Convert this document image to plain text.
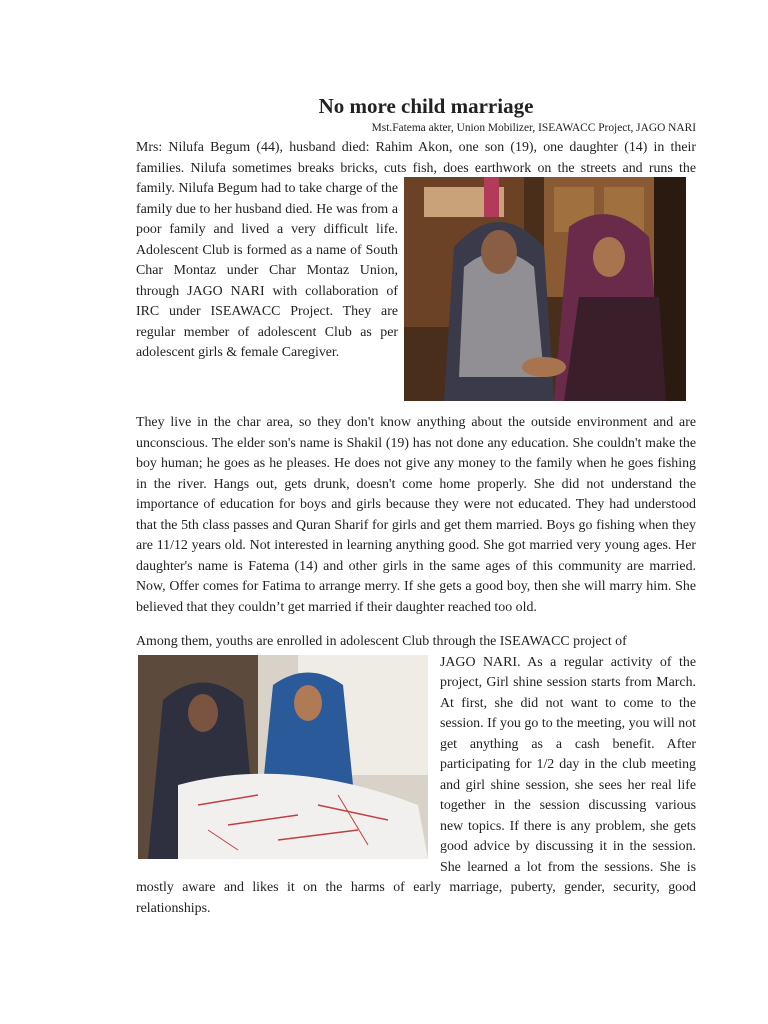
No more child marriage
Mst.Fatema akter, Union Mobilizer, ISEAWACC Project, JAGO NARI

Mrs: Nilufa Begum (44), husband died: Rahim Akon, one son (19), one daughter (14) in their families. Nilufa sometimes breaks bricks, cuts fish, does earthwork on the streets and runs the family. Nilufa Begum had to take charge of the family due to her husband died. He was from a poor family and lived a very difficult life. Adolescent Club is formed as a name of South Char Montaz under Char Montaz Union, through JAGO NARI with collaboration of IRC under ISEAWACC Project. They are regular member of adolescent Club as per adolescent girls & female Caregiver.

They live in the char area, so they don't know anything about the outside environment and are unconscious. The elder son's name is Shakil (19) has not done any education. She couldn't make the boy human; he goes as he pleases. He does not give any money to the family when he goes fishing in the river. Hangs out, gets drunk, doesn't come home properly. She did not understand the importance of education for boys and girls because they were not educated. They had understood that the 5th class passes and Quran Sharif for girls and get them married. Boys go fishing when they are 11/12 years old. Not interested in learning anything good. She got married very young ages. Her daughter's name is Fatema (14) and other girls in the same ages of this community are married. Now, Offer comes for Fatima to arrange merry. If she gets a good boy, then she will marry him. She believed that they couldn’t get married if their daughter reached too old.

Among them, youths are enrolled in adolescent Club through the ISEAWACC project of

JAGO NARI. As a regular activity of the project, Girl shine session starts from March. At first, she did not want to come to the session. If you go to the meeting, you will not get anything as a cash benefit. After participating for 1/2 day in the club meeting and girl shine session, she sees her real life together in the session discussing various new topics. If there is any problem, she gets good advice by discussing it in the session. She learned a lot from the sessions. She is mostly aware and likes it on the harms of early marriage, puberty, gender, security, good relationships.
